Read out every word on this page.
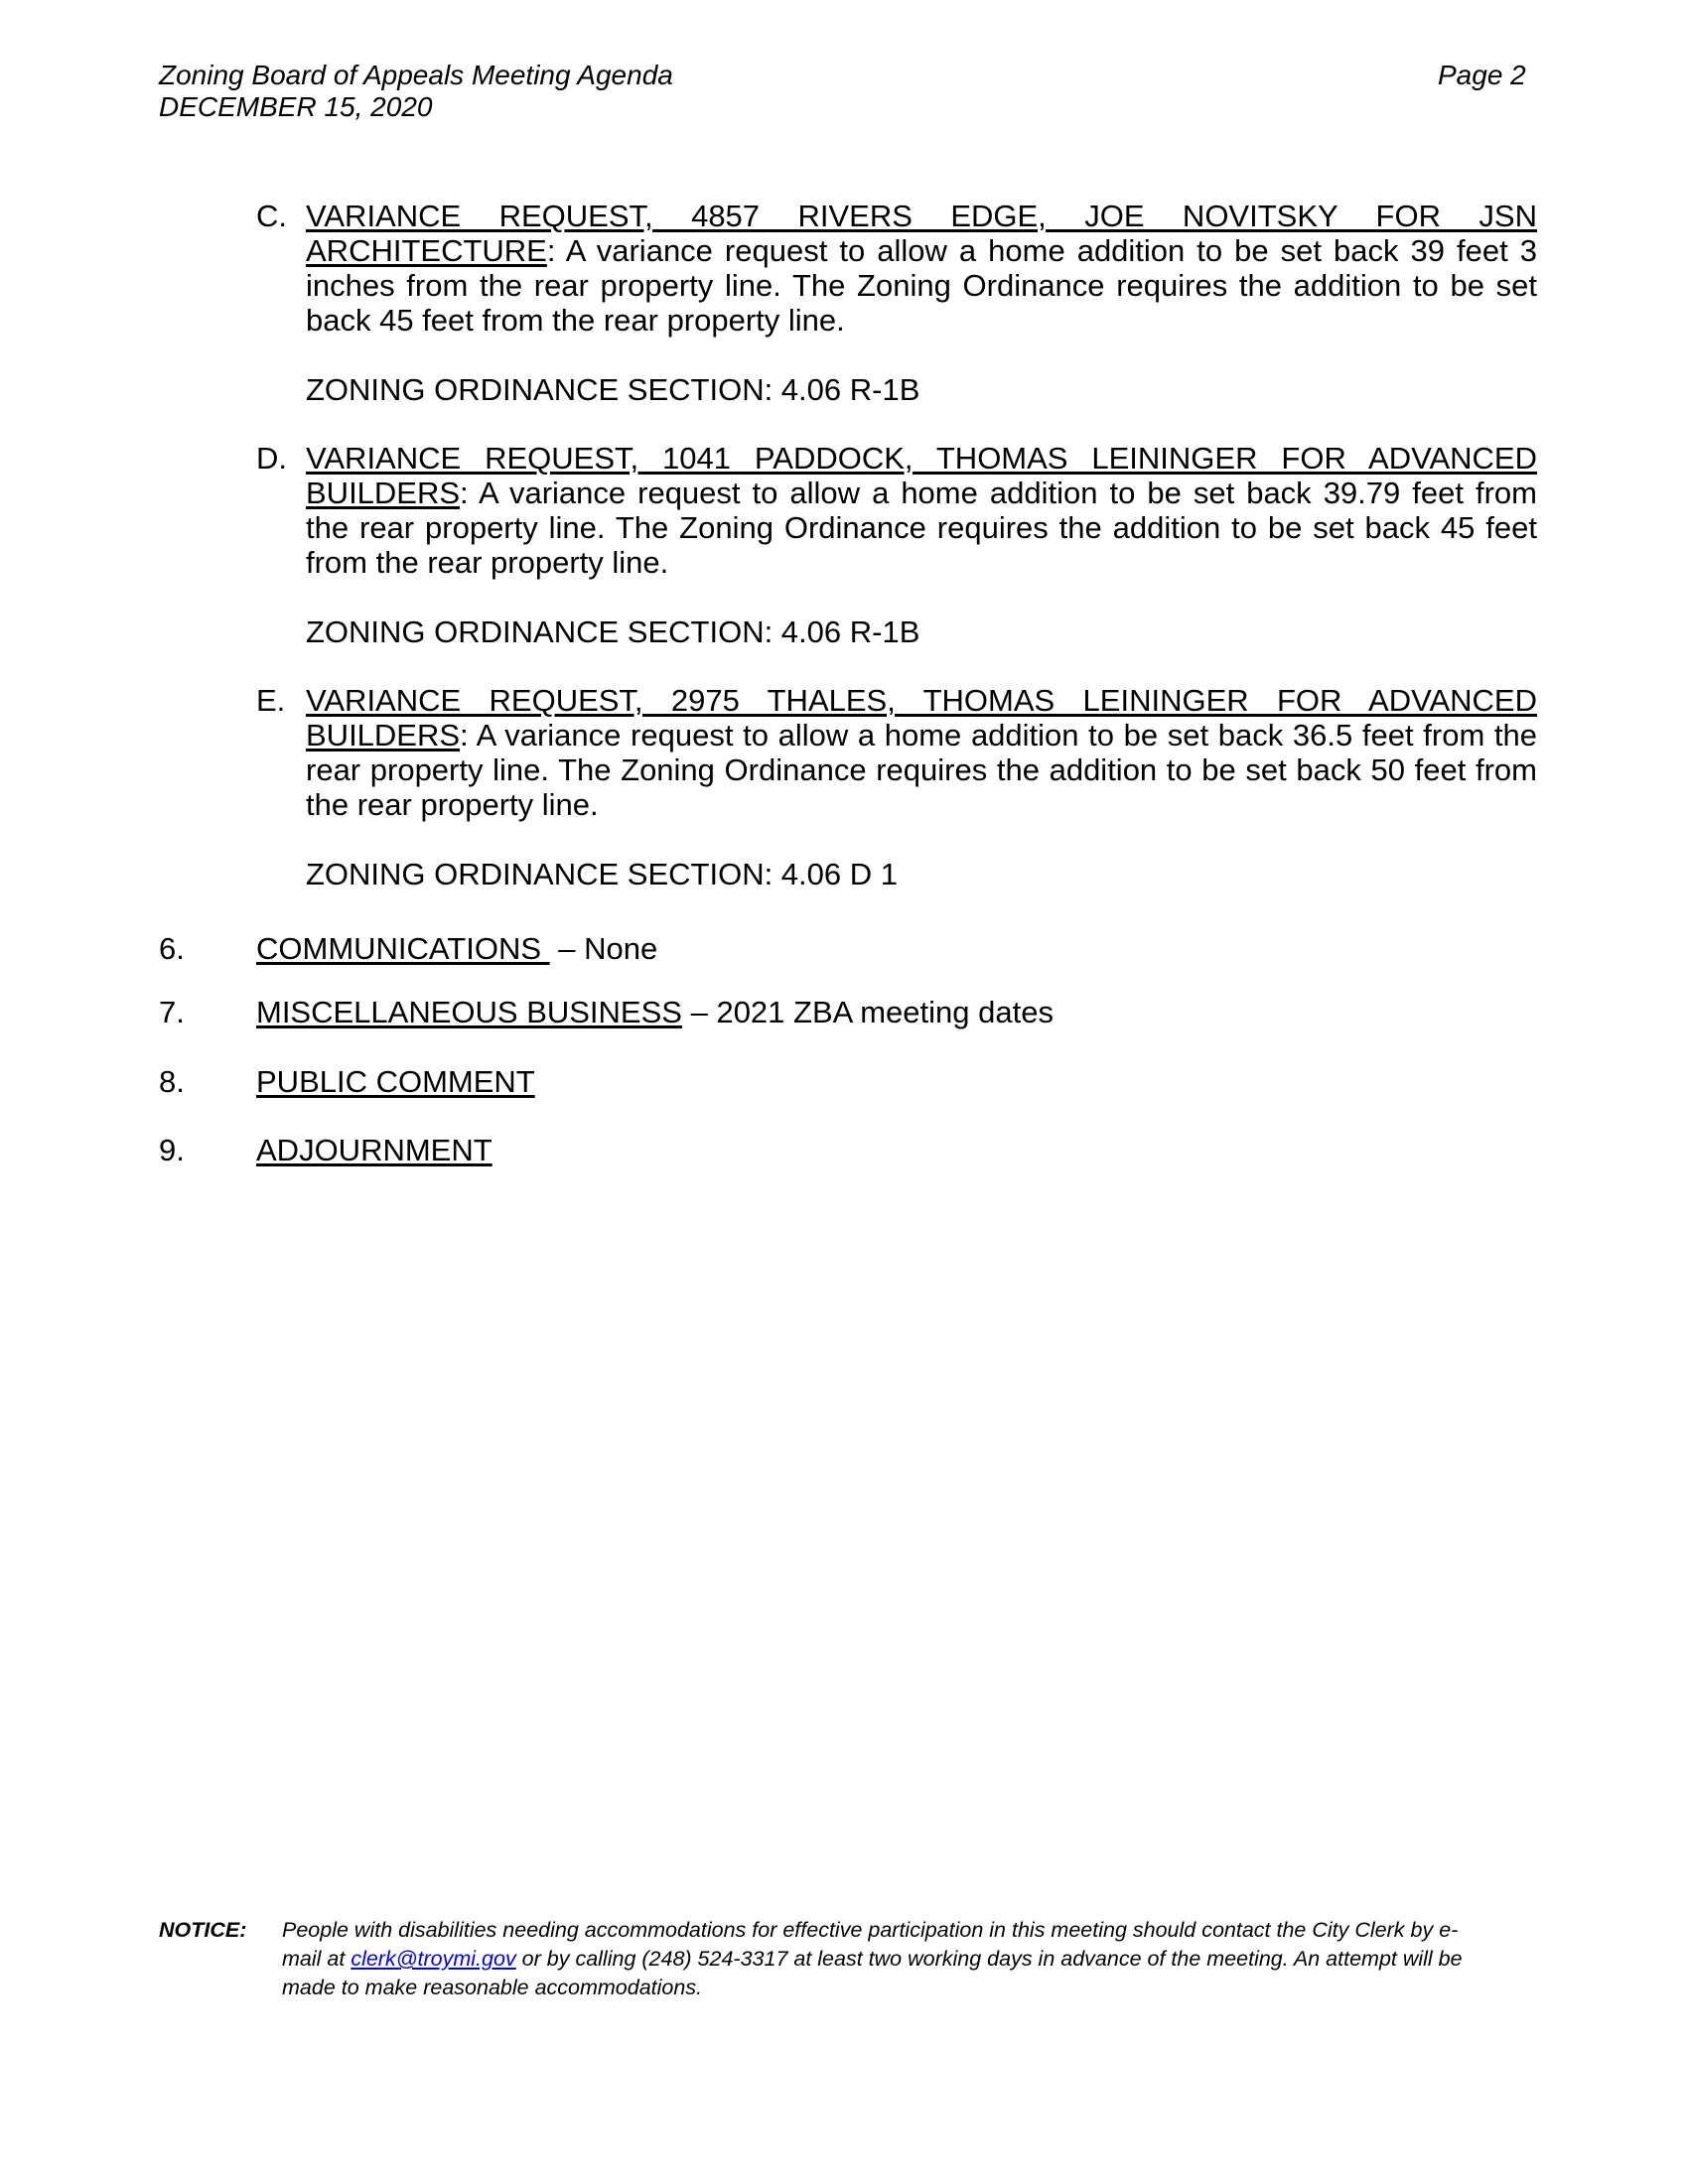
Zoning Board of Appeals Meeting Agenda
DECEMBER 15, 2020
Page 2
C. VARIANCE REQUEST, 4857 RIVERS EDGE, JOE NOVITSKY FOR JSN ARCHITECTURE: A variance request to allow a home addition to be set back 39 feet 3 inches from the rear property line. The Zoning Ordinance requires the addition to be set back 45 feet from the rear property line.

ZONING ORDINANCE SECTION: 4.06 R-1B
D. VARIANCE REQUEST, 1041 PADDOCK, THOMAS LEININGER FOR ADVANCED BUILDERS: A variance request to allow a home addition to be set back 39.79 feet from the rear property line. The Zoning Ordinance requires the addition to be set back 45 feet from the rear property line.

ZONING ORDINANCE SECTION: 4.06 R-1B
E. VARIANCE REQUEST, 2975 THALES, THOMAS LEININGER FOR ADVANCED BUILDERS: A variance request to allow a home addition to be set back 36.5 feet from the rear property line. The Zoning Ordinance requires the addition to be set back 50 feet from the rear property line.

ZONING ORDINANCE SECTION: 4.06 D 1
6. COMMUNICATIONS  – None
7. MISCELLANEOUS BUSINESS – 2021 ZBA meeting dates
8. PUBLIC COMMENT
9. ADJOURNMENT
NOTICE: People with disabilities needing accommodations for effective participation in this meeting should contact the City Clerk by e-mail at clerk@troymi.gov or by calling (248) 524-3317 at least two working days in advance of the meeting. An attempt will be made to make reasonable accommodations.
